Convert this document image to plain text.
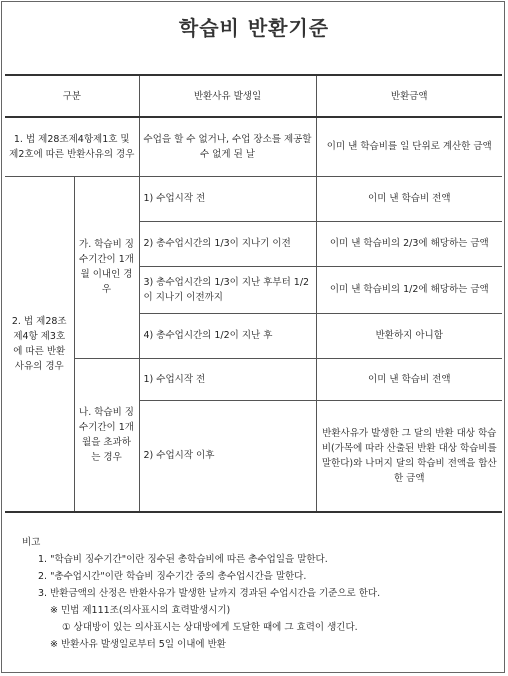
학습비 반환기준
구분		반환사유 발생일	반환금액
1. 법 제28조제4항제1호 및 제2호에 따른 반환사유의 경우		수업을 할 수 없거나, 수업 장소를 제공할 수 없게 된 날	이미 낸 학습비를 일 단위로 계산한 금액
2. 법 제28조제4항 제3호에 따른 반환사유의 경우	가. 학습비 징수기간이 1개월 이내인 경우	1) 수업시작 전	이미 낸 학습비 전액
		2) 총수업시간의 1/3이 지나기 이전	이미 낸 학습비의 2/3에 해당하는 금액
		3) 총수업시간의 1/3이 지난 후부터 1/2이 지나기 이전까지	이미 낸 학습비의 1/2에 해당하는 금액
		4) 총수업시간의 1/2이 지난 후	반환하지 아니함
	나. 학습비 징수기간이 1개월을 초과하는 경우	1) 수업시작 전	이미 낸 학습비 전액
		2) 수업시작 이후	반환사유가 발생한 그 달의 반환 대상 학습비(가목에 따라 산출된 반환 대상 학습비를 말한다)와 나머지 달의 학습비 전액을 합산한 금액
비고
1. "학습비 징수기간"이란 징수된 총학습비에 따른 총수업일을 말한다.
2. "총수업시간"이란 학습비 징수기간 중의 총수업시간을 말한다.
3. 반환금액의 산정은 반환사유가 발생한 날까지 경과된 수업시간을 기준으로 한다.
※ 민법 제111조(의사표시의 효력발생시기)
① 상대방이 있는 의사표시는 상대방에게 도달한 때에 그 효력이 생긴다.
※ 반환사유 발생일로부터 5일 이내에 반환
